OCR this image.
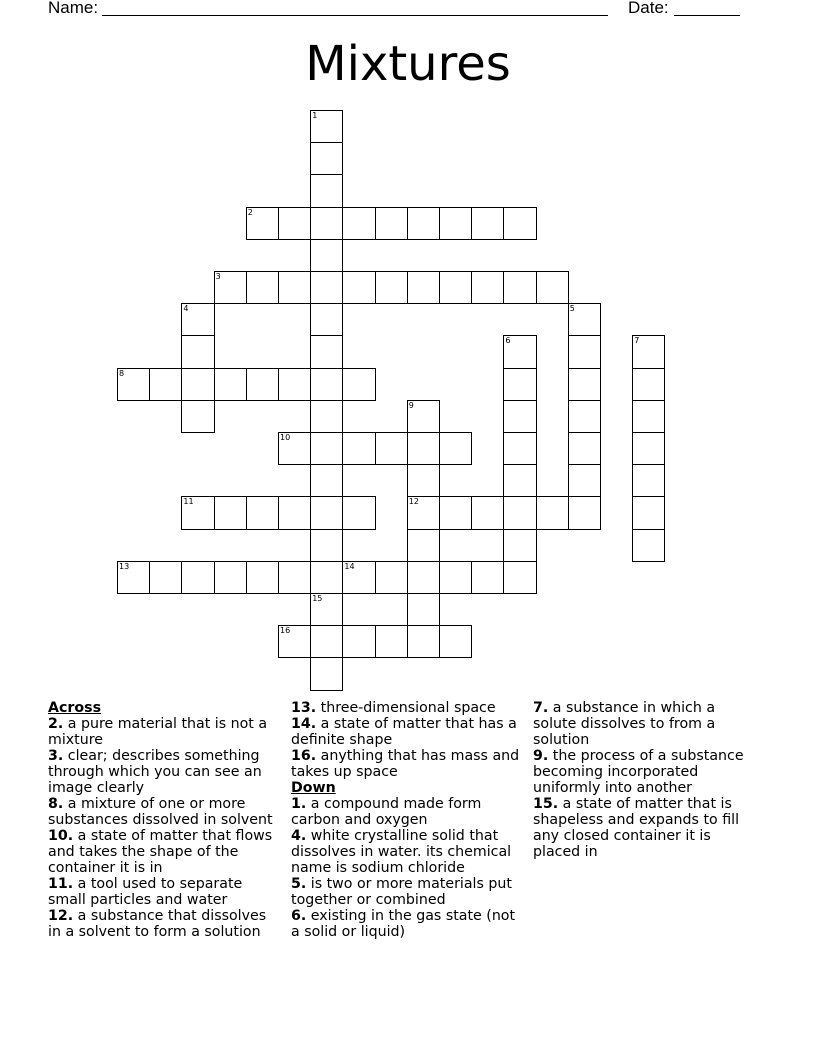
Name:	Date:
Mixtures
1
15
2
3
4	5
6	7
8
9
12
10
11
13	14
16
Across
2. a pure material that is not a mixture
3. clear; describes something through which you can see an image clearly
8. a mixture of one or more substances dissolved in solvent
10. a state of matter that flows and takes the shape of the container it is in
11. a tool used to separate small particles and water
12. a substance that dissolves in a solvent to form a solution
13. three-dimensional space
14. a state of matter that has a definite shape
16. anything that has mass and takes up space
Down
1. a compound made form carbon and oxygen
4. white crystalline solid that dissolves in water. its chemical name is sodium chloride
5. is two or more materials put together or combined
6. existing in the gas state (not a solid or liquid)
7. a substance in which a solute dissolves to from a solution
9. the process of a substance becoming incorporated uniformly into another
15. a state of matter that is shapeless and expands to fill any closed container it is placed in
